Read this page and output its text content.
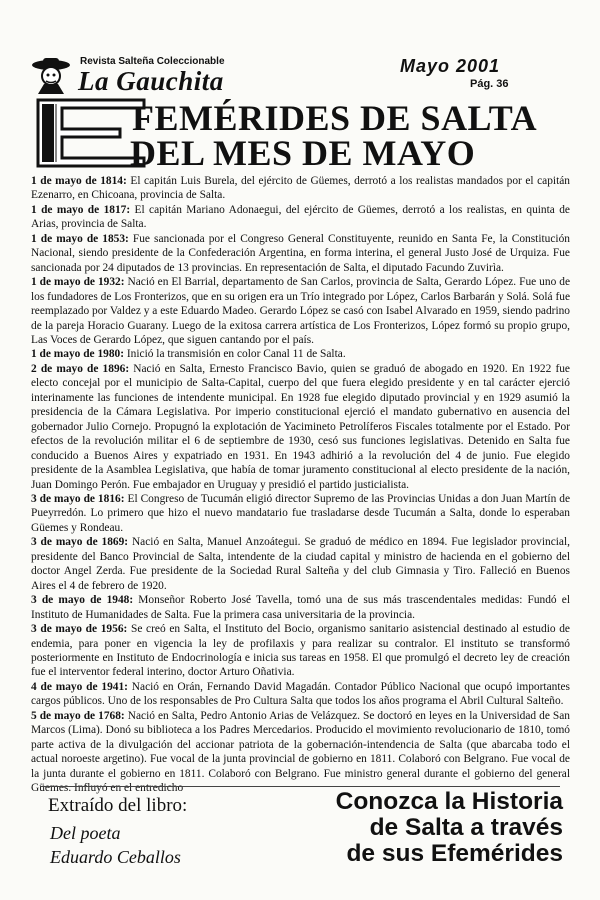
Revista Salteña Coleccionable
La Gauchita	Mayo 2001
Pág. 36
FEMÉRIDES DE SALTA
DEL MES DE MAYO

1 de mayo de 1814: El capitán Luis Burela, del ejército de Güemes, derrotó a los realistas mandados por el capitán Ezenarro, en Chicoana, provincia de Salta.

1 de mayo de 1817: El capitán Mariano Adonaegui, del ejército de Güemes, derrotó a los realistas, en quinta de Arias, provincia de Salta.

1 de mayo de 1853: Fue sancionada por el Congreso General Constituyente, reunido en Santa Fe, la Constitución Nacional, siendo presidente de la Confederación Argentina, en forma interina, el general Justo José de Urquiza. Fue sancionada por 24 diputados de 13 provincias. En representación de Salta, el diputado Facundo Zuvirìa.

1 de mayo de 1932: Nació en El Barrial, departamento de San Carlos, provincia de Salta, Gerardo López. Fue uno de los fundadores de Los Fronterizos, que en su origen era un Trío integrado por López, Carlos Barbarán y Solá. Solá fue reemplazado por Valdez y a este Eduardo Madeo. Gerardo López se casó con Isabel Alvarado en 1959, siendo padrino de la pareja Horacio Guarany. Luego de la exitosa carrera artística de Los Fronterizos, López formó su propio grupo, Las Voces de Gerardo López, que siguen cantando por el país.

1 de mayo de 1980: Inició la transmisión en color Canal 11 de Salta.

2 de mayo de 1896: Nació en Salta, Ernesto Francisco Bavio, quien se graduó de abogado en 1920. En 1922 fue electo concejal por el municipio de Salta-Capital, cuerpo del que fuera elegido presidente y en tal carácter ejerció interinamente las funciones de intendente municipal. En 1928 fue elegido diputado provincial y en 1929 asumió la presidencia de la Cámara Legislativa. Por imperio constitucional ejerció el mandato gubernativo en ausencia del gobernador Julio Cornejo. Propugnó la explotación de Yacimineto Petrolíferos Fiscales totalmente por el Estado. Por efectos de la revolución militar el 6 de septiembre de 1930, cesó sus funciones legislativas. Detenido en Salta fue conducido a Buenos Aires y expatriado en 1931. En 1943 adhirió a la revolución del 4 de junio. Fue elegido presidente de la Asamblea Legislativa, que había de tomar juramento constitucional al electo presidente de la nación, Juan Domingo Perón. Fue embajador en Uruguay y presidió el partido justicialista.

3 de mayo de 1816: El Congreso de Tucumán eligió director Supremo de las Provincias Unidas a don Juan Martín de Pueyrredón. Lo primero que hizo el nuevo mandatario fue trasladarse desde Tucumán a Salta, donde lo esperaban Güemes y Rondeau.

3 de mayo de 1869: Nació en Salta, Manuel Anzoátegui. Se graduó de médico en 1894. Fue legislador provincial, presidente del Banco Provincial de Salta, intendente de la ciudad capital y ministro de hacienda en el gobierno del doctor Angel Zerda. Fue presidente de la Sociedad Rural Salteña y del club Gimnasia y Tiro. Falleció en Buenos Aires el 4 de febrero de 1920.

3 de mayo de 1948: Monseñor Roberto José Tavella, tomó una de sus más trascendentales medidas: Fundó el Instituto de Humanidades de Salta. Fue la primera casa universitaria de la provincia.

3 de mayo de 1956: Se creó en Salta, el Instituto del Bocio, organismo sanitario asistencial destinado al estudio de endemia, para poner en vigencia la ley de profilaxis y para realizar su contralor. El instituto se transformó posteriormente en Instituto de Endocrinología e inicia sus tareas en 1958. El que promulgó el decreto ley de creación fue el interventor federal interino, doctor Arturo Oñativia.

4 de mayo de 1941: Nació en Orán, Fernando David Magadán. Contador Público Nacional que ocupó importantes cargos públicos. Uno de los responsables de Pro Cultura Salta que todos los años programa el Abril Cultural Salteño.

5 de mayo de 1768: Nació en Salta, Pedro Antonio Arias de Velázquez. Se doctoró en leyes en la Universidad de San Marcos (Lima). Donó su biblioteca a los Padres Mercedarios. Producido el movimiento revolucionario de 1810, tomó parte activa de la divulgación del accionar patriota de la gobernación-intendencia de Salta (que abarcaba todo el actual noroeste argetino). Fue vocal de la junta provincial de gobierno en 1811. Colaboró con Belgrano. Fue vocal de la junta durante el gobierno en 1811. Colaboró con Belgrano. Fue ministro general durante el gobierno del general Güemes. Influyó en el entredicho

Extraído del libro:
Del poeta
Eduardo Ceballos
Conozca la Historia
de Salta a través
de sus Efemérides
